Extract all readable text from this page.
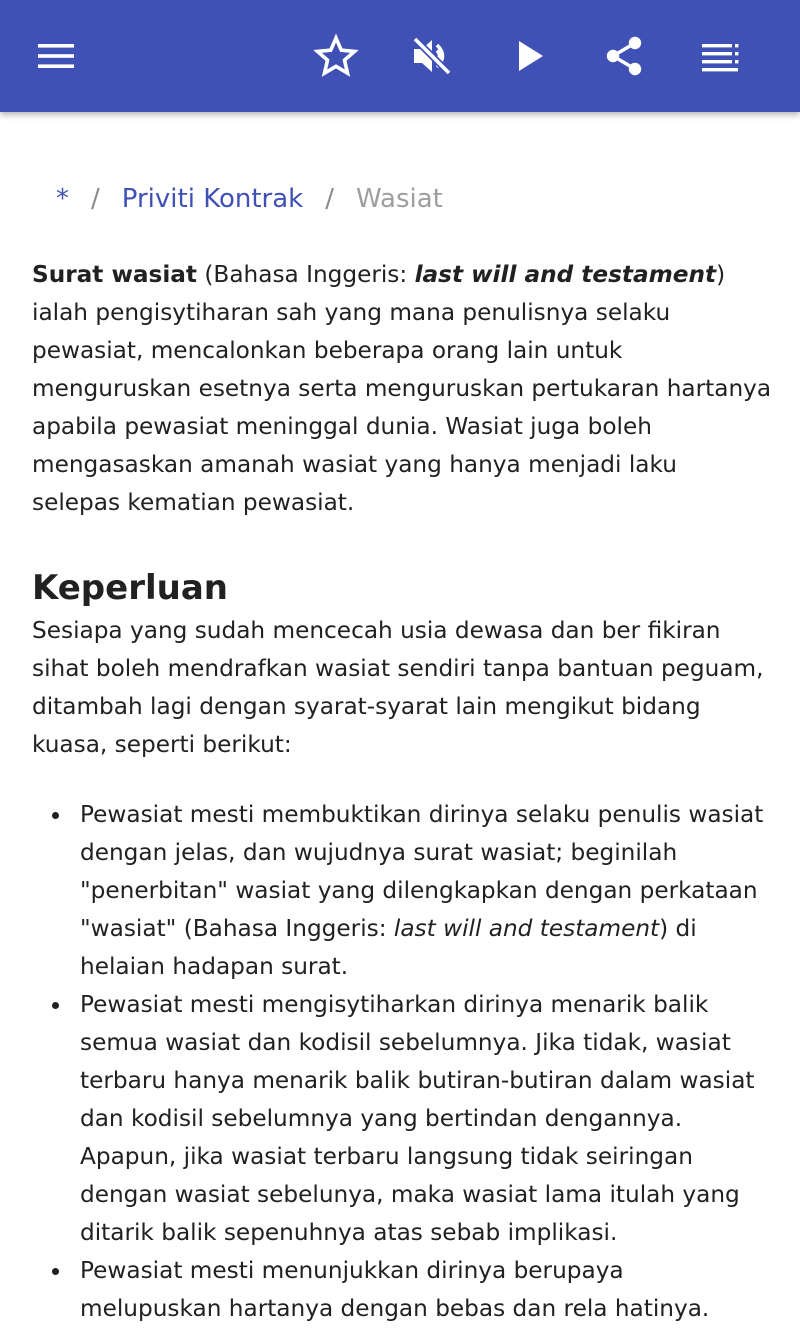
* / Priviti Kontrak / Wasiat

Surat wasiat (Bahasa Inggeris: last will and testament) ialah pengisytiharan sah yang mana penulisnya selaku pewasiat, mencalonkan beberapa orang lain untuk menguruskan esetnya serta menguruskan pertukaran hartanya apabila pewasiat meninggal dunia. Wasiat juga boleh mengasaskan amanah wasiat yang hanya menjadi laku selepas kematian pewasiat.

Keperluan

Sesiapa yang sudah mencecah usia dewasa dan ber fikiran sihat boleh mendrafkan wasiat sendiri tanpa bantuan peguam, ditambah lagi dengan syarat-syarat lain mengikut bidang kuasa, seperti berikut:

Pewasiat mesti membuktikan dirinya selaku penulis wasiat dengan jelas, dan wujudnya surat wasiat; beginilah "penerbitan" wasiat yang dilengkapkan dengan perkataan "wasiat" (Bahasa Inggeris: last will and testament) di helaian hadapan surat.
Pewasiat mesti mengisytiharkan dirinya menarik balik semua wasiat dan kodisil sebelumnya. Jika tidak, wasiat terbaru hanya menarik balik butiran-butiran dalam wasiat dan kodisil sebelumnya yang bertindan dengannya. Apapun, jika wasiat terbaru langsung tidak seiringan dengan wasiat sebelunya, maka wasiat lama itulah yang ditarik balik sepenuhnya atas sebab implikasi.
Pewasiat mesti menunjukkan dirinya berupaya melupuskan hartanya dengan bebas dan rela hatinya.
